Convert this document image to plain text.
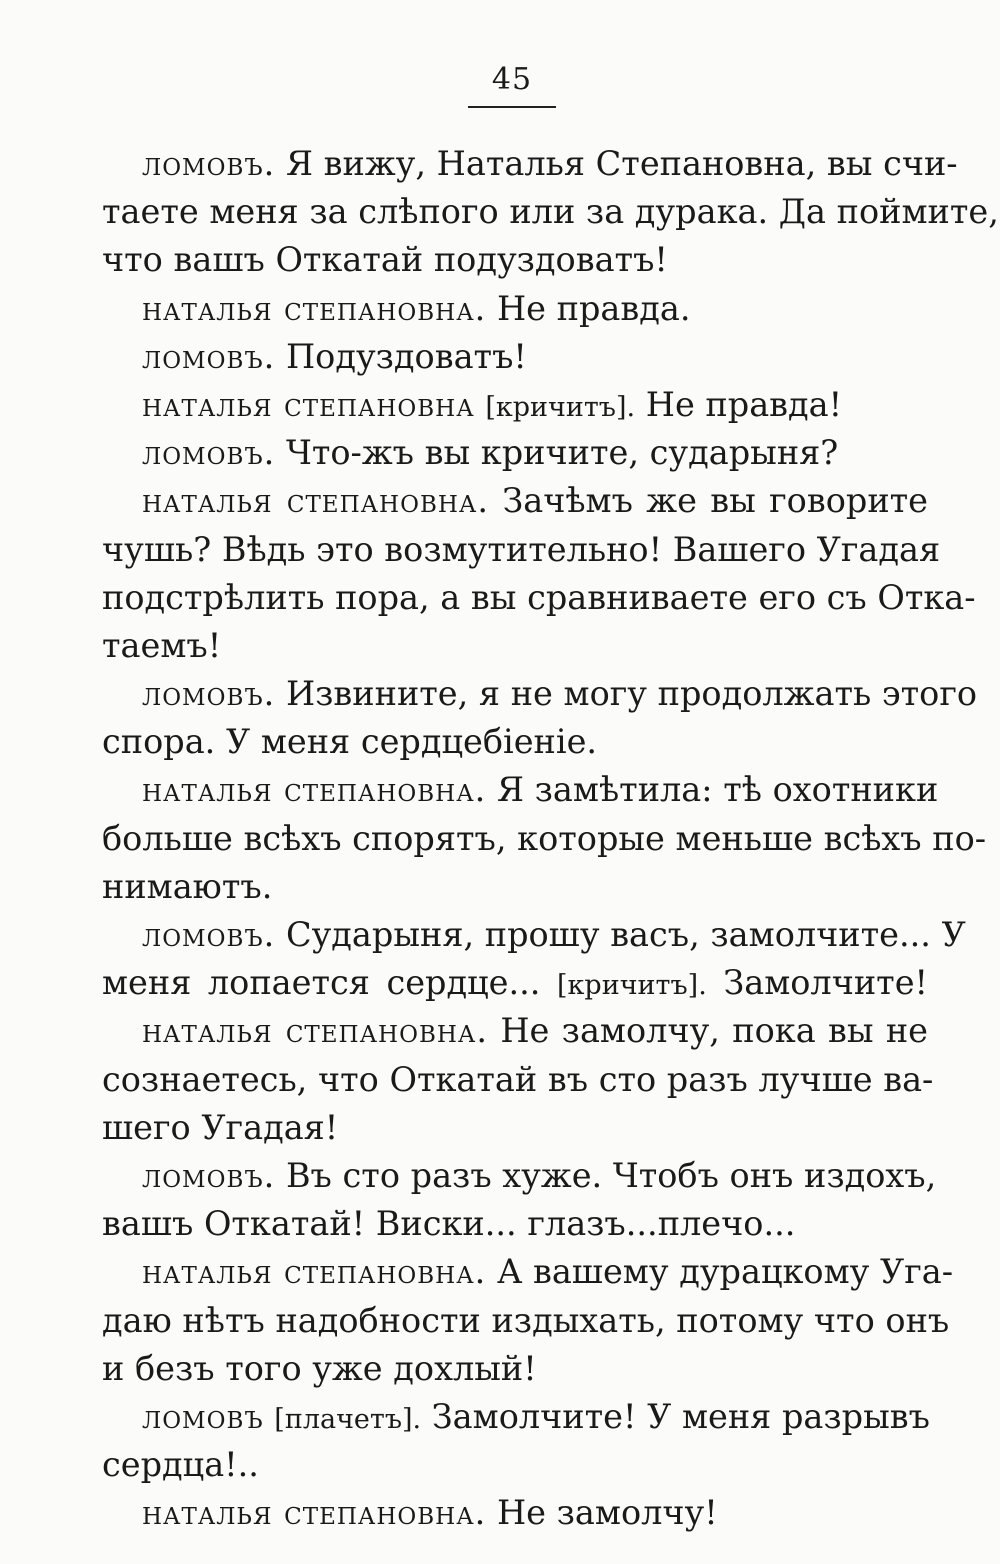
45
ломовъ. Я вижу, Наталья Степановна, вы счи-
таете меня за слѣпого или за дурака. Да поймите,
что вашъ Откатай подуздоватъ!
наталья степановна. Не правда.
ломовъ. Подуздоватъ!
наталья степановна [кричитъ]. Не правда!
ломовъ. Что-жъ вы кричите, сударыня?
наталья степановна. Зачѣмъ же вы говорите
чушь? Вѣдь это возмутительно! Вашего Угадая
подстрѣлить пора, а вы сравниваете его съ Отка-
таемъ!
ломовъ. Извините, я не могу продолжать этого
спора. У меня сердцебіеніе.
наталья степановна. Я замѣтила: тѣ охотники
больше всѣхъ спорятъ, которые меньше всѣхъ по-
нимаютъ.
ломовъ. Сударыня, прошу васъ, замолчите... У
меня лопается сердце... [кричитъ]. Замолчите!
наталья степановна. Не замолчу, пока вы не
сознаетесь, что Откатай въ сто разъ лучше ва-
шего Угадая!
ломовъ. Въ сто разъ хуже. Чтобъ онъ издохъ,
вашъ Откатай! Виски... глазъ...плечо...
наталья степановна. А вашему дурацкому Уга-
даю нѣтъ надобности издыхать, потому что онъ
и безъ того уже дохлый!
ломовъ [плачетъ]. Замолчите! У меня разрывъ
сердца!..
наталья степановна. Не замолчу!
